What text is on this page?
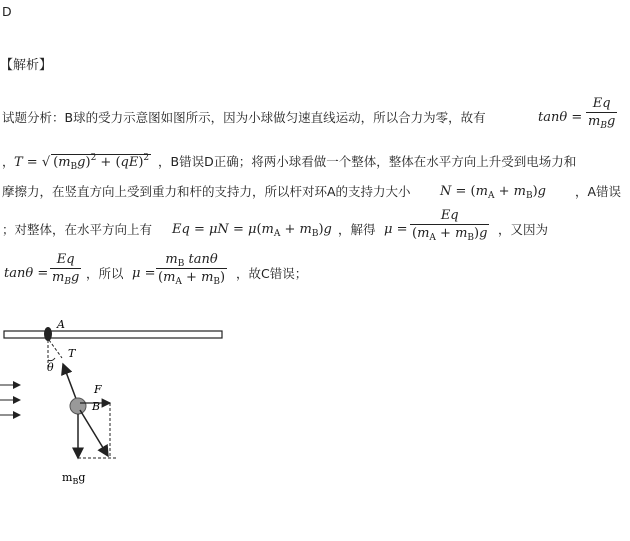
D
【解析】
试题分析：B球的受力示意图如图所示，因为小球做匀速直线运动，所以合力为零，故有	tanθ =
Eq
$m_Bg$
， T = √ $(m_Bg)^2 + (qE)^2$ ，B错误D正确；将两小球看做一个整体，整体在水平方向上升受到电场力和
摩擦力，在竖直方向上受到重力和杆的支持力，所以杆对环A的支持力大小 $N = (m_A + m_B)g$ ，A错误
；对整体，在水平方向上有 $Eq = \mu N = \mu(m_A + m_B)g$ ，解得 μ =
Eq
$(m_A + m_B)g$ ，又因为
tanθ =
Eq
$m_Bg$ ，所以 μ =
$m_B$ tanθ
$(m_A + m_B)$ ，故C错误；
A
θ
T
B
F
$m_Bg$
